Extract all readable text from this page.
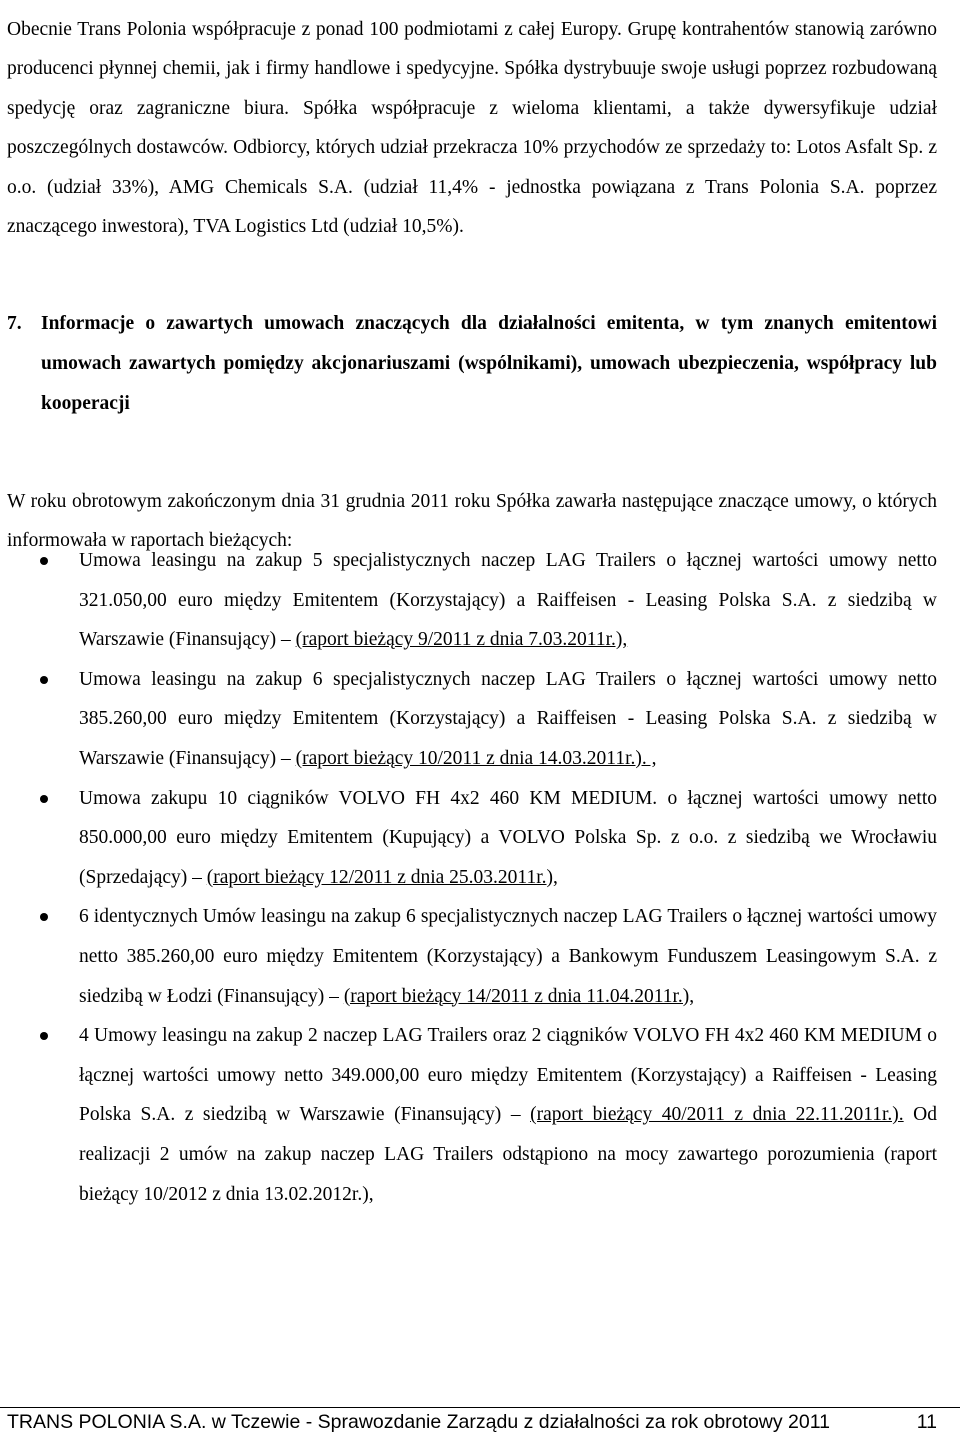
Obecnie Trans Polonia współpracuje z ponad 100 podmiotami z całej Europy. Grupę kontrahentów stanowią zarówno producenci płynnej chemii, jak i firmy handlowe i spedycyjne. Spółka dystrybuuje swoje usługi poprzez rozbudowaną spedycję oraz zagraniczne biura. Spółka współpracuje z wieloma klientami, a także dywersyfikuje udział poszczególnych dostawców. Odbiorcy, których udział przekracza 10% przychodów ze sprzedaży to: Lotos Asfalt Sp. z o.o. (udział 33%), AMG Chemicals S.A. (udział 11,4% - jednostka powiązana z Trans Polonia S.A. poprzez znaczącego inwestora), TVA Logistics Ltd (udział 10,5%).

7. Informacje o zawartych umowach znaczących dla działalności emitenta, w tym znanych emitentowi umowach zawartych pomiędzy akcjonariuszami (wspólnikami), umowach ubezpieczenia, współpracy lub kooperacji

W roku obrotowym zakończonym dnia 31 grudnia 2011 roku Spółka zawarła następujące znaczące umowy, o których informowała w raportach bieżących:

Umowa leasingu na zakup 5 specjalistycznych naczep LAG Trailers o łącznej wartości umowy netto 321.050,00 euro między Emitentem (Korzystający) a Raiffeisen - Leasing Polska S.A. z siedzibą w Warszawie (Finansujący) – (raport bieżący 9/2011 z dnia 7.03.2011r.),
Umowa leasingu na zakup 6 specjalistycznych naczep LAG Trailers o łącznej wartości umowy netto 385.260,00 euro między Emitentem (Korzystający) a Raiffeisen - Leasing Polska S.A. z siedzibą w Warszawie (Finansujący) – (raport bieżący 10/2011 z dnia 14.03.2011r.). ,
Umowa zakupu 10 ciągników VOLVO FH 4x2 460 KM MEDIUM. o łącznej wartości umowy netto 850.000,00 euro między Emitentem (Kupujący) a VOLVO Polska Sp. z o.o. z siedzibą we Wrocławiu (Sprzedający) – (raport bieżący 12/2011 z dnia 25.03.2011r.),
6 identycznych Umów leasingu na zakup 6 specjalistycznych naczep LAG Trailers o łącznej wartości umowy netto 385.260,00 euro między Emitentem (Korzystający) a Bankowym Funduszem Leasingowym S.A. z siedzibą w Łodzi (Finansujący) – (raport bieżący 14/2011 z dnia 11.04.2011r.),
4 Umowy leasingu na zakup 2 naczep LAG Trailers oraz 2 ciągników VOLVO FH 4x2 460 KM MEDIUM o łącznej wartości umowy netto 349.000,00 euro między Emitentem (Korzystający) a Raiffeisen - Leasing Polska S.A. z siedzibą w Warszawie (Finansujący) – (raport bieżący 40/2011 z dnia 22.11.2011r.). Od realizacji 2 umów na zakup naczep LAG Trailers odstąpiono na mocy zawartego porozumienia (raport bieżący 10/2012 z dnia 13.02.2012r.),
TRANS POLONIA S.A. w Tczewie - Sprawozdanie Zarządu z działalności za rok obrotowy 2011	11
